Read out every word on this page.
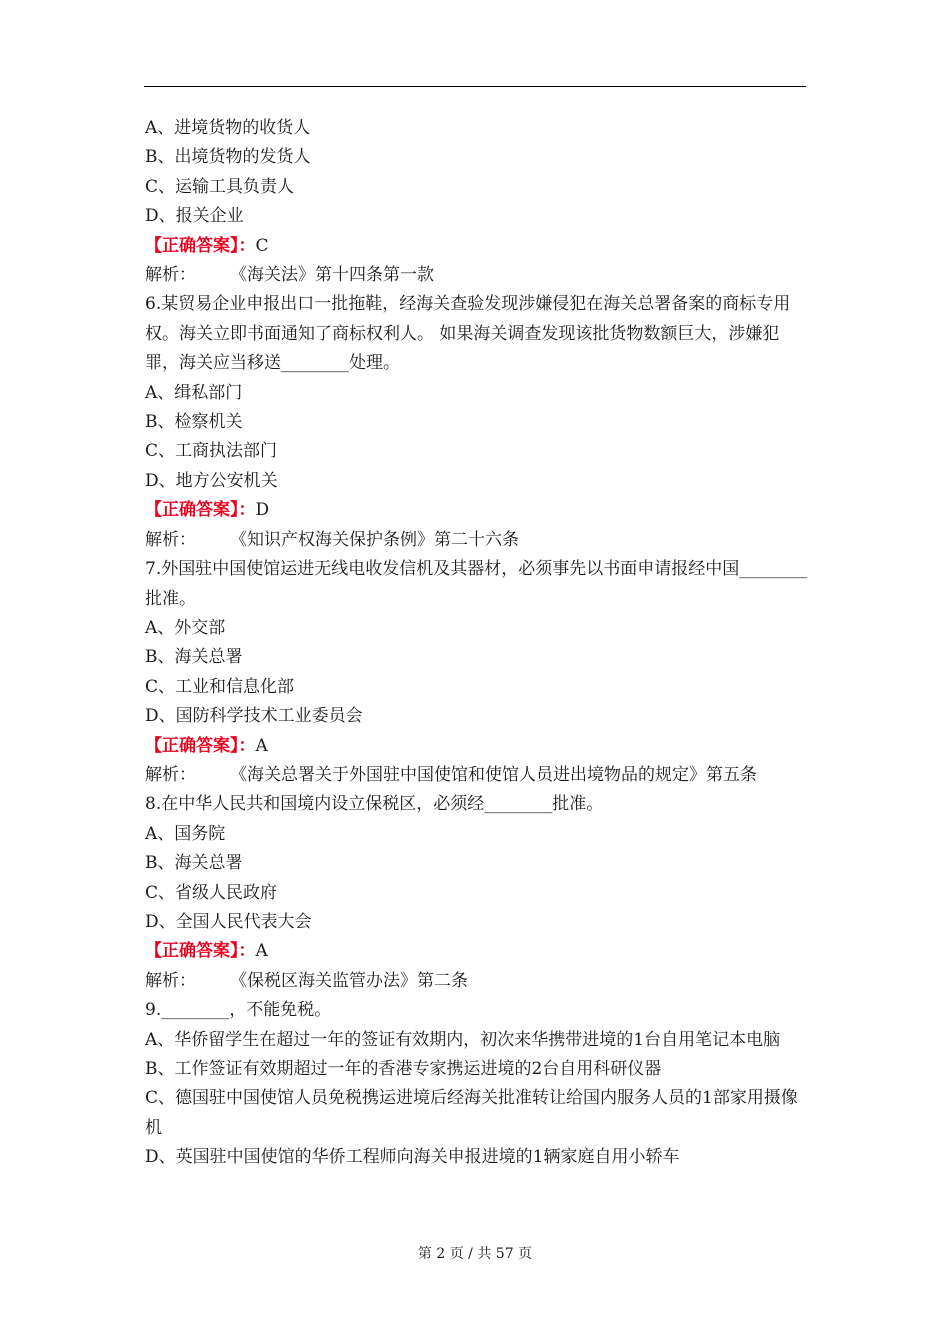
A、进境货物的收货人
B、出境货物的发货人
C、运输工具负责人
D、报关企业
【正确答案】：C
解析： 《海关法》第十四条第一款
6.某贸易企业申报出口一批拖鞋，经海关查验发现涉嫌侵犯在海关总署备案的商标专用权。海关立即书面通知了商标权利人。 如果海关调查发现该批货物数额巨大，涉嫌犯罪，海关应当移送________处理。
A、缉私部门
B、检察机关
C、工商执法部门
D、地方公安机关
【正确答案】：D
解析： 《知识产权海关保护条例》第二十六条
7.外国驻中国使馆运进无线电收发信机及其器材，必须事先以书面申请报经中国________批准。
A、外交部
B、海关总署
C、工业和信息化部
D、国防科学技术工业委员会
【正确答案】：A
解析： 《海关总署关于外国驻中国使馆和使馆人员进出境物品的规定》第五条
8.在中华人民共和国境内设立保税区，必须经________批准。
A、国务院
B、海关总署
C、省级人民政府
D、全国人民代表大会
【正确答案】：A
解析： 《保税区海关监管办法》第二条
9.________，不能免税。
A、华侨留学生在超过一年的签证有效期内，初次来华携带进境的1台自用笔记本电脑
B、工作签证有效期超过一年的香港专家携运进境的2台自用科研仪器
C、德国驻中国使馆人员免税携运进境后经海关批准转让给国内服务人员的1部家用摄像机
D、英国驻中国使馆的华侨工程师向海关申报进境的1辆家庭自用小轿车
第 2 页 / 共 57 页
